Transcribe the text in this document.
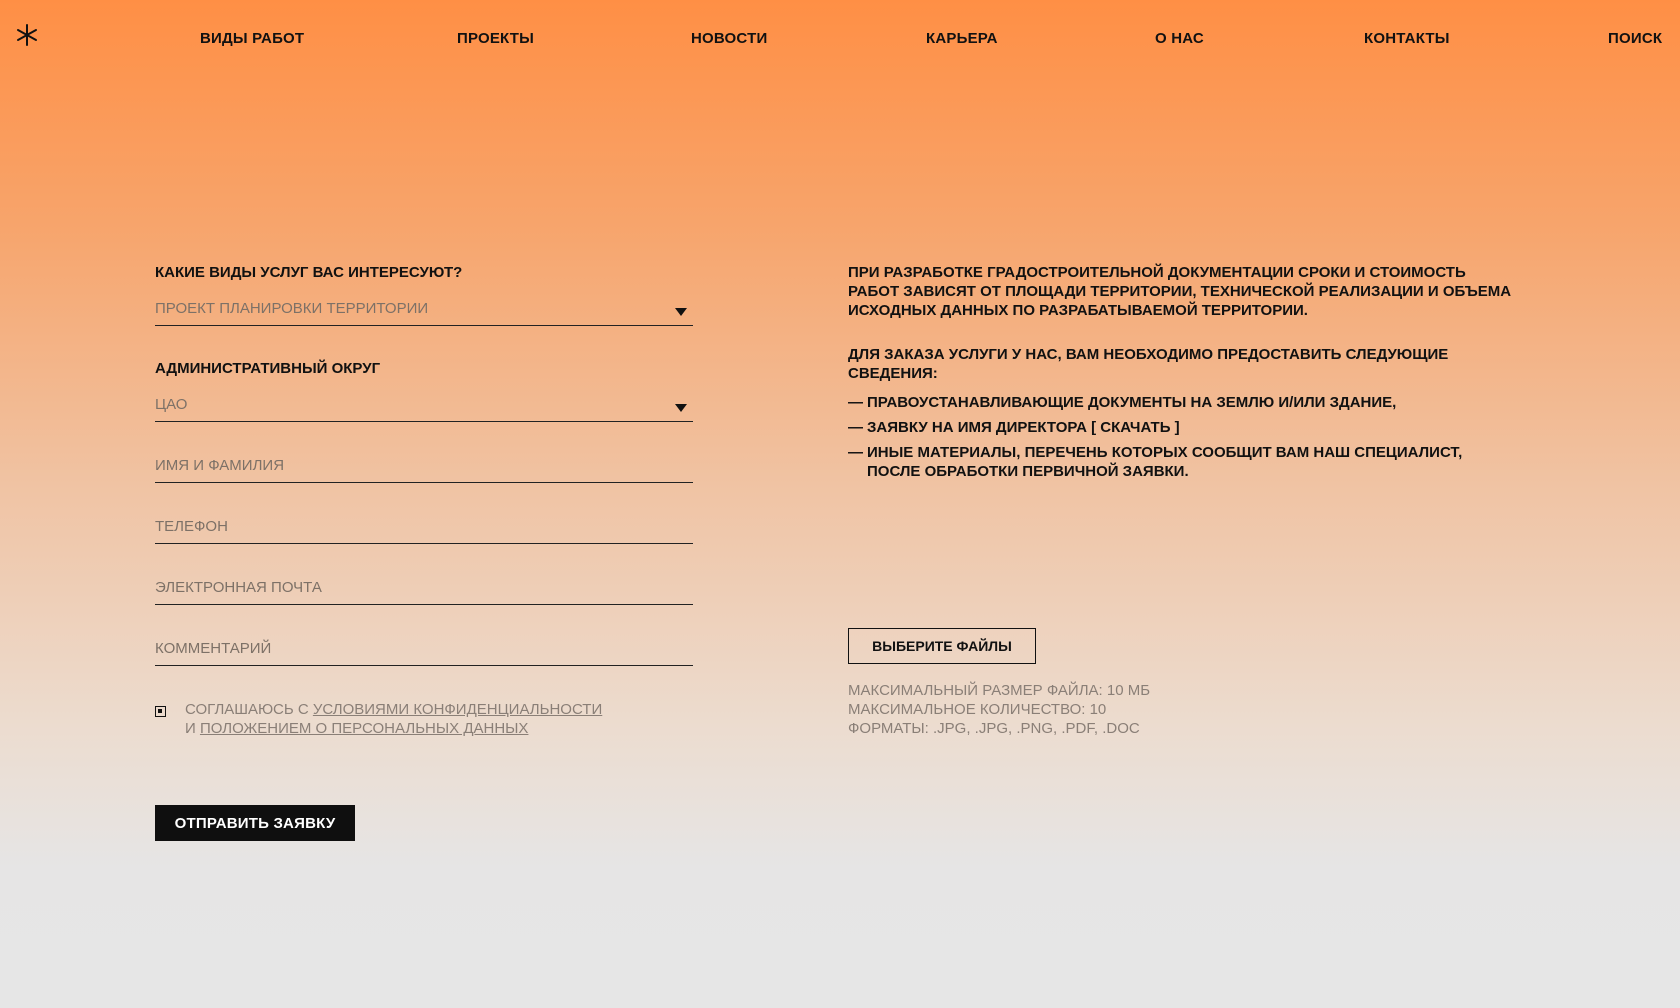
ВИДЫ РАБОТ	ПРОЕКТЫ	НОВОСТИ	КАРЬЕРА	О НАС	КОНТАКТЫ	ПОИСК
КАКИЕ ВИДЫ УСЛУГ ВАС ИНТЕРЕСУЮТ?
ПРОЕКТ ПЛАНИРОВКИ ТЕРРИТОРИИ
АДМИНИСТРАТИВНЫЙ ОКРУГ
ЦАО
ИМЯ И ФАМИЛИЯ
ТЕЛЕФОН
ЭЛЕКТРОННАЯ ПОЧТА
КОММЕНТАРИЙ
СОГЛАШАЮСЬ С УСЛОВИЯМИ КОНФИДЕНЦИАЛЬНОСТИ
И ПОЛОЖЕНИЕМ О ПЕРСОНАЛЬНЫХ ДАННЫХ
ОТПРАВИТЬ ЗАЯВКУ
ПРИ РАЗРАБОТКЕ ГРАДОСТРОИТЕЛЬНОЙ ДОКУМЕНТАЦИИ СРОКИ И СТОИМОСТЬ
РАБОТ ЗАВИСЯТ ОТ ПЛОЩАДИ ТЕРРИТОРИИ, ТЕХНИЧЕСКОЙ РЕАЛИЗАЦИИ И ОБЪЕМА
ИСХОДНЫХ ДАННЫХ ПО РАЗРАБАТЫВАЕМОЙ ТЕРРИТОРИИ.
ДЛЯ ЗАКАЗА УСЛУГИ У НАС, ВАМ НЕОБХОДИМО ПРЕДОСТАВИТЬ СЛЕДУЮЩИЕ
СВЕДЕНИЯ:
— ПРАВОУСТАНАВЛИВАЮЩИЕ ДОКУМЕНТЫ НА ЗЕМЛЮ И/ИЛИ ЗДАНИЕ,
— ЗАЯВКУ НА ИМЯ ДИРЕКТОРА [ СКАЧАТЬ ]
— ИНЫЕ МАТЕРИАЛЫ, ПЕРЕЧЕНЬ КОТОРЫХ СООБЩИТ ВАМ НАШ СПЕЦИАЛИСТ,
ПОСЛЕ ОБРАБОТКИ ПЕРВИЧНОЙ ЗАЯВКИ.
ВЫБЕРИТЕ ФАЙЛЫ
МАКСИМАЛЬНЫЙ РАЗМЕР ФАЙЛА: 10 МБ
МАКСИМАЛЬНОЕ КОЛИЧЕСТВО: 10
ФОРМАТЫ: .JPG, .JPG, .PNG, .PDF, .DOC
